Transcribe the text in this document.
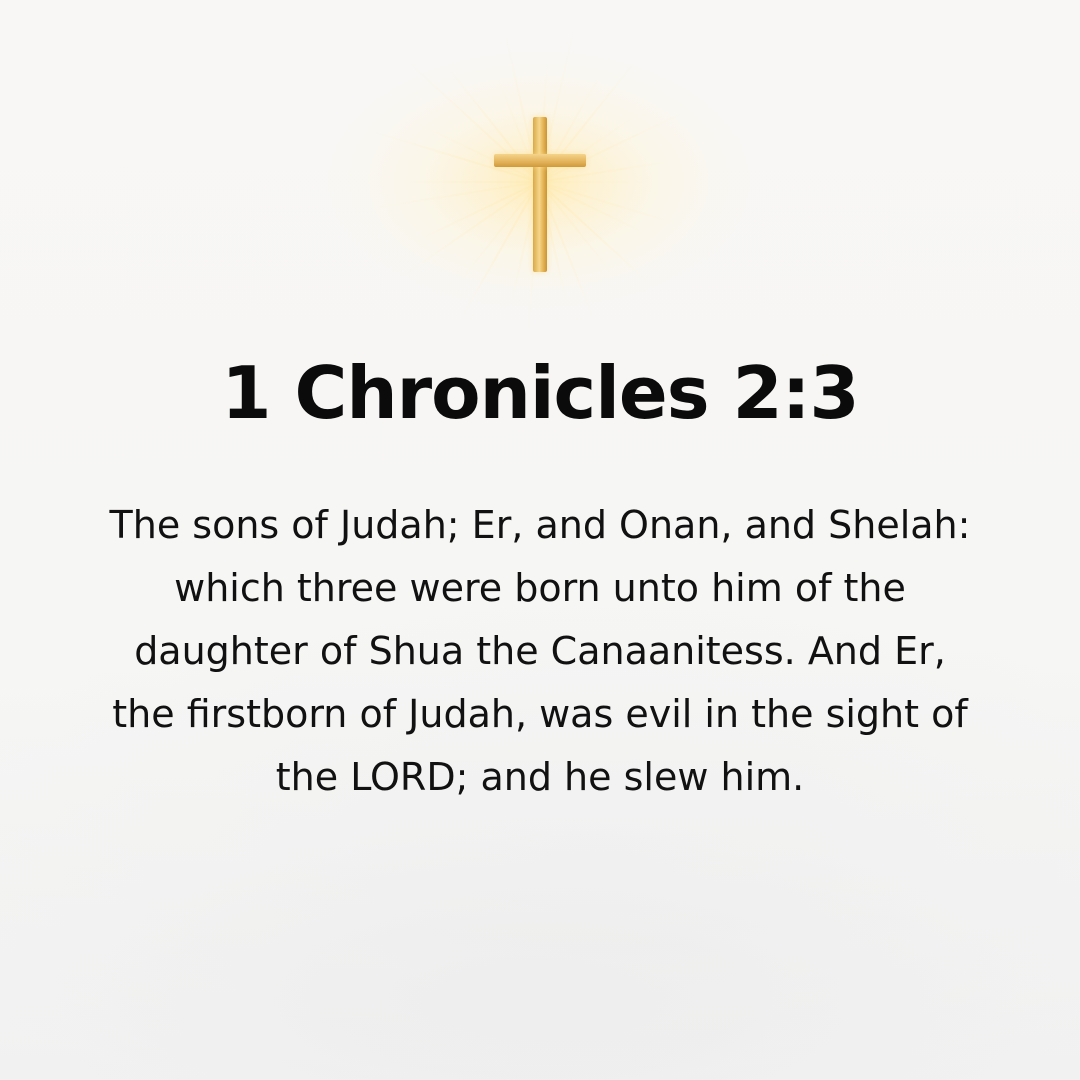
1 Chronicles 2:3

The sons of Judah; Er, and Onan, and Shelah: which three were born unto him of the daughter of Shua the Canaanitess. And Er, the firstborn of Judah, was evil in the sight of the LORD; and he slew him.
